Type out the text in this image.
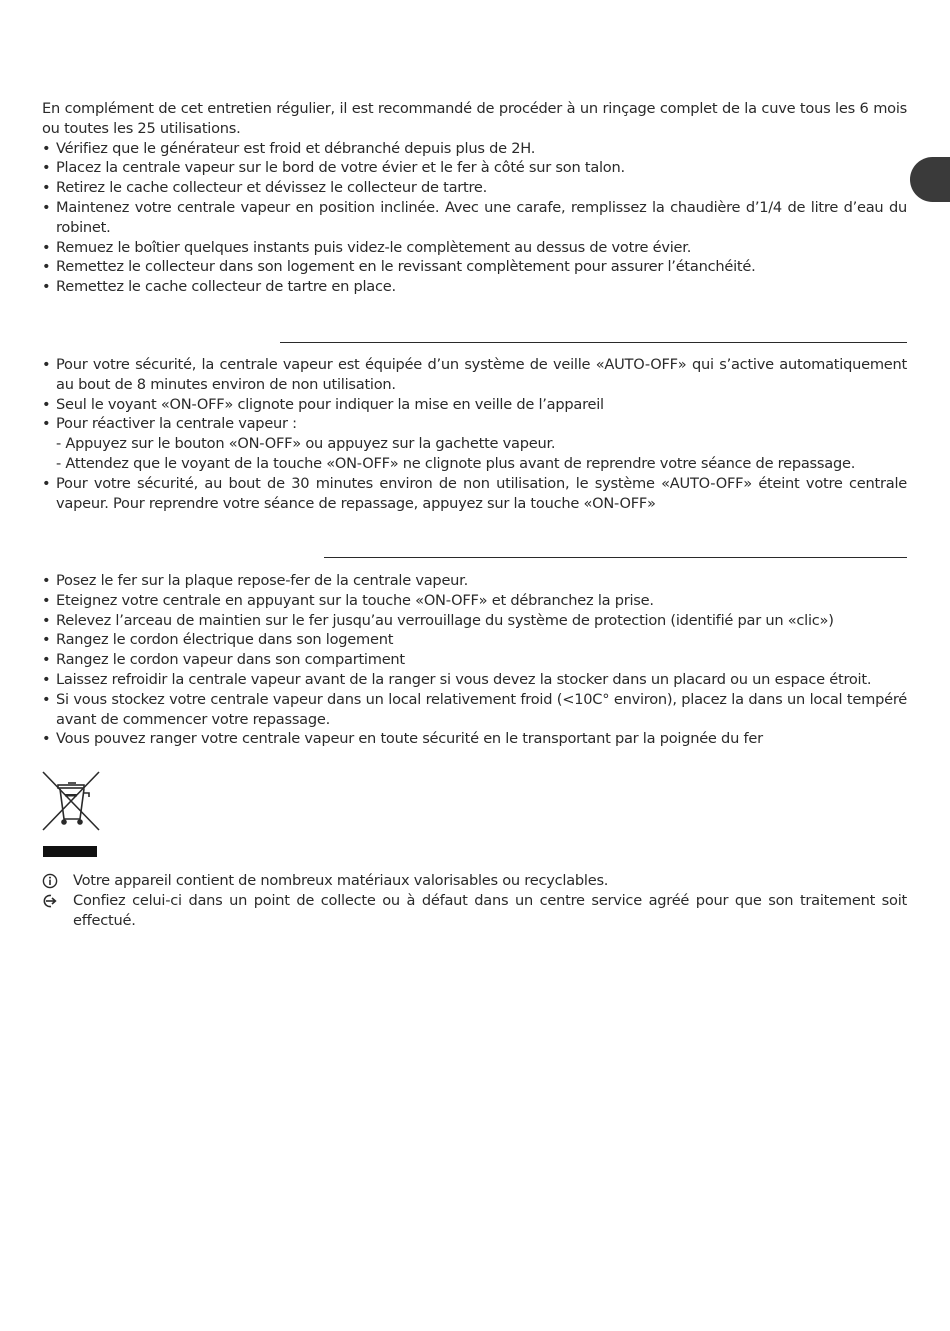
En complément de cet entretien régulier, il est recommandé de procéder à un rinçage complet de la cuve tous les 6 mois ou toutes les 25 utilisations.

• Vérifiez que le générateur est froid et débranché depuis plus de 2H.
• Placez la centrale vapeur sur le bord de votre évier et le fer à côté sur son talon.
• Retirez le cache collecteur et dévissez le collecteur de tartre.
• Maintenez votre centrale vapeur en position inclinée. Avec une carafe, remplissez la chaudière d’1/4 de litre d’eau du robinet.
• Remuez le boîtier quelques instants puis videz-le complètement au dessus de votre évier.
• Remettez le collecteur dans son logement en le revissant complètement pour assurer l’étanchéité.
• Remettez le cache collecteur de tartre en place.
• Pour votre sécurité, la centrale vapeur est équipée d’un système de veille «AUTO-OFF» qui s’active automatiquement au bout de 8 minutes environ de non utilisation.
• Seul le voyant «ON-OFF» clignote pour indiquer la mise en veille de l’appareil
• Pour réactiver la centrale vapeur :
- Appuyez sur le bouton «ON-OFF» ou appuyez sur la gachette vapeur.
- Attendez que le voyant de la touche «ON-OFF» ne clignote plus avant de reprendre votre séance de repassage.
• Pour votre sécurité, au bout de 30 minutes environ de non utilisation, le système «AUTO-OFF» éteint votre centrale vapeur. Pour reprendre votre séance de repassage, appuyez sur la touche «ON-OFF»
• Posez le fer sur la plaque repose-fer de la centrale vapeur.
• Eteignez votre centrale en appuyant sur la touche «ON-OFF» et débranchez la prise.
• Relevez l’arceau de maintien sur le fer jusqu’au verrouillage du système de protection (identifié par un «clic»)
• Rangez le cordon électrique dans son logement
• Rangez le cordon vapeur dans son compartiment
• Laissez refroidir la centrale vapeur avant de la ranger si vous devez la stocker dans un placard ou un espace étroit.
• Si vous stockez votre centrale vapeur dans un local relativement froid (<10C° environ), placez la dans un local tempéré avant de commencer votre repassage.
• Vous pouvez ranger votre centrale vapeur en toute sécurité en le transportant par la poignée du fer
Votre appareil contient de nombreux matériaux valorisables ou recyclables.
Confiez celui-ci dans un point de collecte ou à défaut dans un centre service agréé pour que son traitement soit effectué.
